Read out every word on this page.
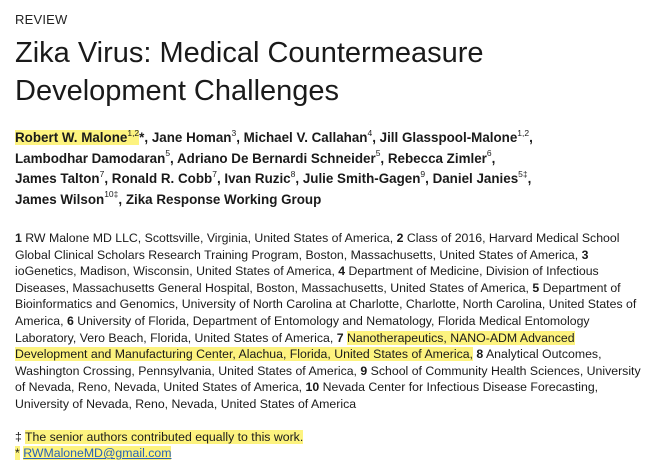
REVIEW
Zika Virus: Medical Countermeasure
Development Challenges
Robert W. Malone$^{1,2}$*, Jane Homan$^3$, Michael V. Callahan$^4$, Jill Glasspool-Malone$^{1,2}$,
Lambodhar Damodaran$^5$, Adriano De Bernardi Schneider$^5$, Rebecca Zimler$^6$,
James Talton$^7$, Ronald R. Cobb$^7$, Ivan Ruzic$^8$, Julie Smith-Gagen$^9$, Daniel Janies$^{5\ddagger}$,
James Wilson$^{10\ddagger}$, Zika Response Working Group
1 RW Malone MD LLC, Scottsville, Virginia, United States of America, 2 Class of 2016, Harvard Medical School Global Clinical Scholars Research Training Program, Boston, Massachusetts, United States of America, 3 ioGenetics, Madison, Wisconsin, United States of America, 4 Department of Medicine, Division of Infectious Diseases, Massachusetts General Hospital, Boston, Massachusetts, United States of America, 5 Department of Bioinformatics and Genomics, University of North Carolina at Charlotte, Charlotte, North Carolina, United States of America, 6 University of Florida, Department of Entomology and Nematology, Florida Medical Entomology Laboratory, Vero Beach, Florida, United States of America, 7 Nanotherapeutics, NANO-ADM Advanced Development and Manufacturing Center, Alachua, Florida, United States of America, 8 Analytical Outcomes, Washington Crossing, Pennsylvania, United States of America, 9 School of Community Health Sciences, University of Nevada, Reno, Nevada, United States of America, 10 Nevada Center for Infectious Disease Forecasting, University of Nevada, Reno, Nevada, United States of America
‡ The senior authors contributed equally to this work.
* RWMaloneMD@gmail.com
